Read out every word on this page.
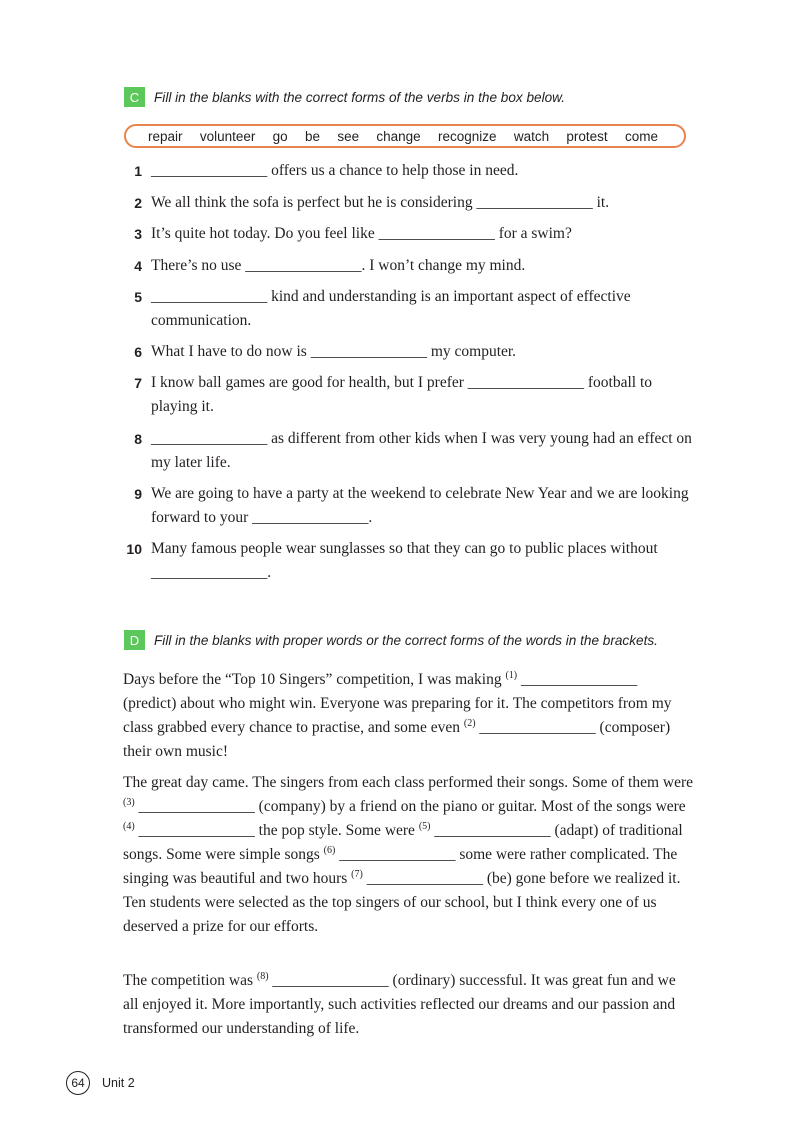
C	Fill in the blanks with the correct forms of the verbs in the box below.
repair volunteer go be see change recognize watch protest come
1 _______________ offers us a chance to help those in need.
2 We all think the sofa is perfect but he is considering _______________ it.
3 It’s quite hot today. Do you feel like _______________ for a swim?
4 There’s no use _______________. I won’t change my mind.
5 _______________ kind and understanding is an important aspect of effective communication.
6 What I have to do now is _______________ my computer.
7 I know ball games are good for health, but I prefer _______________ football to playing it.
8 _______________ as different from other kids when I was very young had an effect on my later life.
9 We are going to have a party at the weekend to celebrate New Year and we are looking forward to your _______________.
10 Many famous people wear sunglasses so that they can go to public places without _______________.
D	Fill in the blanks with proper words or the correct forms of the words in the brackets.

Days before the “Top 10 Singers” competition, I was making $^{(1)}$ _______________ (predict) about who might win. Everyone was preparing for it. The competitors from my class grabbed every chance to practise, and some even $^{(2)}$ _______________ (composer) their own music!

The great day came. The singers from each class performed their songs. Some of them were $^{(3)}$ _______________ (company) by a friend on the piano or guitar. Most of the songs were $^{(4)}$ _______________ the pop style. Some were $^{(5)}$ _______________ (adapt) of traditional songs. Some were simple songs $^{(6)}$ _______________ some were rather complicated. The singing was beautiful and two hours $^{(7)}$ _______________ (be) gone before we realized it. Ten students were selected as the top singers of our school, but I think every one of us deserved a prize for our efforts.

The competition was $^{(8)}$ _______________ (ordinary) successful. It was great fun and we all enjoyed it. More importantly, such activities reflected our dreams and our passion and transformed our understanding of life.

64	Unit 2
